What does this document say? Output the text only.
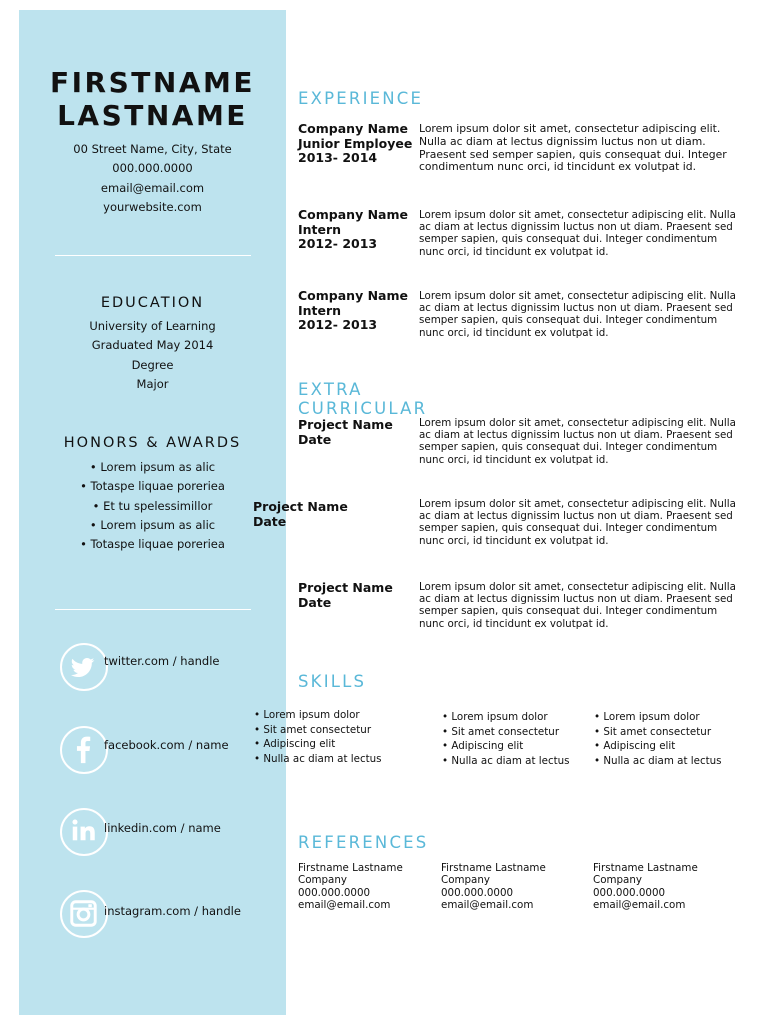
FIRSTNAME
LASTNAME
00 Street Name, City, State
000.000.0000
email@email.com
yourwebsite.com
EDUCATION
University of Learning
Graduated May 2014
Degree
Major
HONORS & AWARDS
• Lorem ipsum as alic
• Totaspe liquae poreriea
• Et tu spelessimillor
• Lorem ipsum as alic
• Totaspe liquae poreriea
twitter.com / handle
facebook.com / name
linkedin.com / name
instagram.com / handle
EXPERIENCE
Company Name
Junior Employee
2013- 2014
Lorem ipsum dolor sit amet, consectetur adipiscing elit. Nulla ac diam at lectus dignissim luctus non ut diam. Praesent sed semper sapien, quis consequat dui. Integer condimentum nunc orci, id tincidunt ex volutpat id.
Company Name
Intern
2012- 2013
Lorem ipsum dolor sit amet, consectetur adipiscing elit. Nulla ac diam at lectus dignissim luctus non ut diam. Praesent sed semper sapien, quis consequat dui. Integer condimentum nunc orci, id tincidunt ex volutpat id.
Company Name
Intern
2012- 2013
Lorem ipsum dolor sit amet, consectetur adipiscing elit. Nulla ac diam at lectus dignissim luctus non ut diam. Praesent sed semper sapien, quis consequat dui. Integer condimentum nunc orci, id tincidunt ex volutpat id.
EXTRA
CURRICULAR
Project Name
Date
Lorem ipsum dolor sit amet, consectetur adipiscing elit. Nulla ac diam at lectus dignissim luctus non ut diam. Praesent sed semper sapien, quis consequat dui. Integer condimentum nunc orci, id tincidunt ex volutpat id.
Project Name
Date
Lorem ipsum dolor sit amet, consectetur adipiscing elit. Nulla ac diam at lectus dignissim luctus non ut diam. Praesent sed semper sapien, quis consequat dui. Integer condimentum nunc orci, id tincidunt ex volutpat id.
Project Name
Date
Lorem ipsum dolor sit amet, consectetur adipiscing elit. Nulla ac diam at lectus dignissim luctus non ut diam. Praesent sed semper sapien, quis consequat dui. Integer condimentum nunc orci, id tincidunt ex volutpat id.
SKILLS
• Lorem ipsum dolor
• Sit amet consectetur
• Adipiscing elit
• Nulla ac diam at lectus
• Lorem ipsum dolor
• Sit amet consectetur
• Adipiscing elit
• Nulla ac diam at lectus
• Lorem ipsum dolor
• Sit amet consectetur
• Adipiscing elit
• Nulla ac diam at lectus
REFERENCES
Firstname Lastname
Company
000.000.0000
email@email.com
Firstname Lastname
Company
000.000.0000
email@email.com
Firstname Lastname
Company
000.000.0000
email@email.com
